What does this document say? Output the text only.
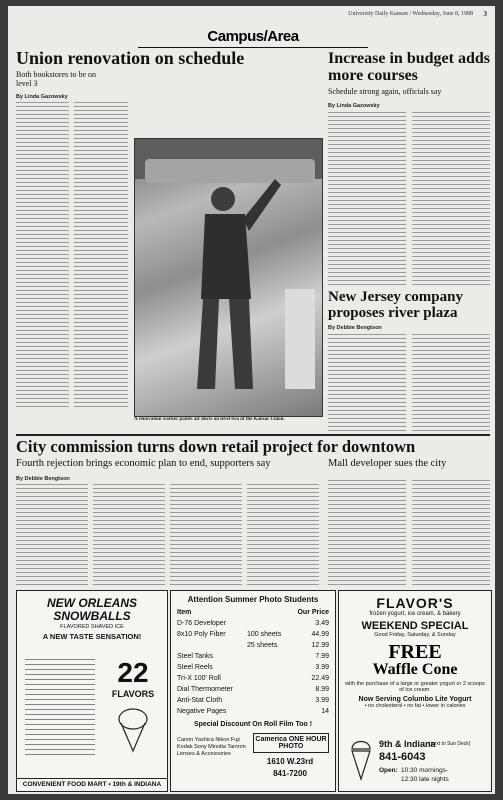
University Daily Kansan / Wednesday, June 8, 1988 3
Campus/Area
Union renovation on schedule
Both bookstores to be on level 3
By Linda Gazowsky
A renovation worker paints air ducts on level two of the Kansas Union.
Increase in budget adds more courses
Schedule strong again, officials say
By Linda Gazowsky
New Jersey company proposes river plaza
By Debbie Bengtson
City commission turns down retail project for downtown
Fourth rejection brings economic plan to end, supporters say
By Debbie Bengtson
Mall developer sues the city
NEW ORLEANS SNOWBALLS
FLAVORED SHAVED ICE
A NEW TASTE SENSATION!
22
FLAVORS
CONVENIENT FOOD MART • 19th & INDIANA
Attention Summer Photo Students
Item	Our Price
D-76 Developer	3.49
8x10 Poly Fiber	100 sheets	44.99
25 sheets	12.99
Steel Tanks	7.99
Steel Reels	3.99
Tri-X 100' Roll	22.49
Dial Thermometer	8.99
Anti-Stat Cloth	3.99
Negative Pages	14
Special Discount On Roll Film Too !
Canon Yashica Nikon Fuji Kodak Sony Minolta Tamron Lenses & Accessories
Camerica ONE HOUR PHOTO
1610 W.23rd
841-7200
FLAVOR'S
frozen yogurt, ice cream, & bakery
WEEKEND SPECIAL
Good Friday, Saturday, & Sunday
FREE
Waffle Cone
with the purchase of a large or greater yogurt or 2 scoops of ice cream.
Now Serving Columbo Lite Yogurt
• no cholesterol • no fat • lower in calories
9th & Indiana
(next to Sun Deck)
841-6043
Open: 10:30 mornings-
12:30 late nights
